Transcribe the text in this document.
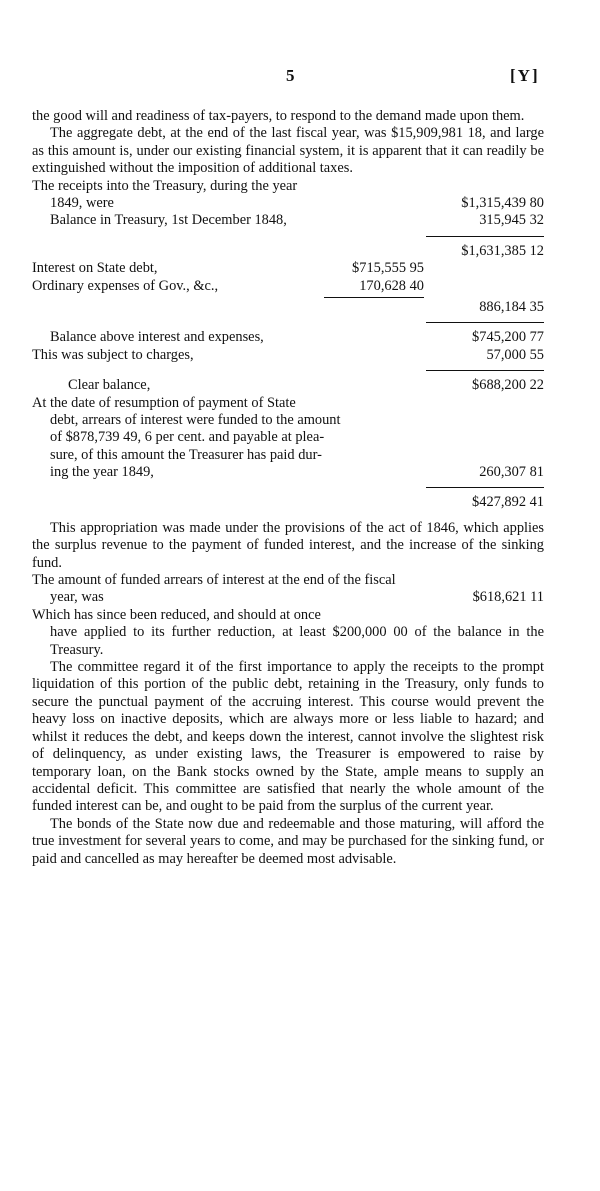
5	[Y]

the good will and readiness of tax-payers, to respond to the demand made upon them.

The aggregate debt, at the end of the last fiscal year, was $15,909,981 18, and large as this amount is, under our existing financial system, it is apparent that it can readily be extinguished without the imposition of additional taxes.

The receipts into the Treasury, during the year
1849, were	$1,315,439 80
Balance in Treasury, 1st December 1848,	315,945 32
$1,631,385 12
Interest on State debt,	$715,555 95
Ordinary expenses of Gov., &c.,	170,628 40
886,184 35
Balance above interest and expenses,	$745,200 77
This was subject to charges,	57,000 55
Clear balance,	$688,200 22
At the date of resumption of payment of State
debt, arrears of interest were funded to the amount
of $878,739 49, 6 per cent. and payable at plea-
sure, of this amount the Treasurer has paid dur-
ing the year 1849,	260,307 81
$427,892 41

This appropriation was made under the provisions of the act of 1846, which applies the surplus revenue to the payment of funded interest, and the increase of the sinking fund.

The amount of funded arrears of interest at the end of the fiscal
year, was	$618,621 11
Which has since been reduced, and should at once

have applied to its further reduction, at least $200,000 00 of the balance in the Treasury.

The committee regard it of the first importance to apply the receipts to the prompt liquidation of this portion of the public debt, retaining in the Treasury, only funds to secure the punctual payment of the accruing interest. This course would prevent the heavy loss on inactive deposits, which are always more or less liable to hazard; and whilst it reduces the debt, and keeps down the interest, cannot involve the slightest risk of delinquency, as under existing laws, the Treasurer is empowered to raise by temporary loan, on the Bank stocks owned by the State, ample means to supply an accidental deficit. This committee are satisfied that nearly the whole amount of the funded interest can be, and ought to be paid from the surplus of the current year.

The bonds of the State now due and redeemable and those maturing, will afford the true investment for several years to come, and may be purchased for the sinking fund, or paid and cancelled as may hereafter be deemed most advisable.
